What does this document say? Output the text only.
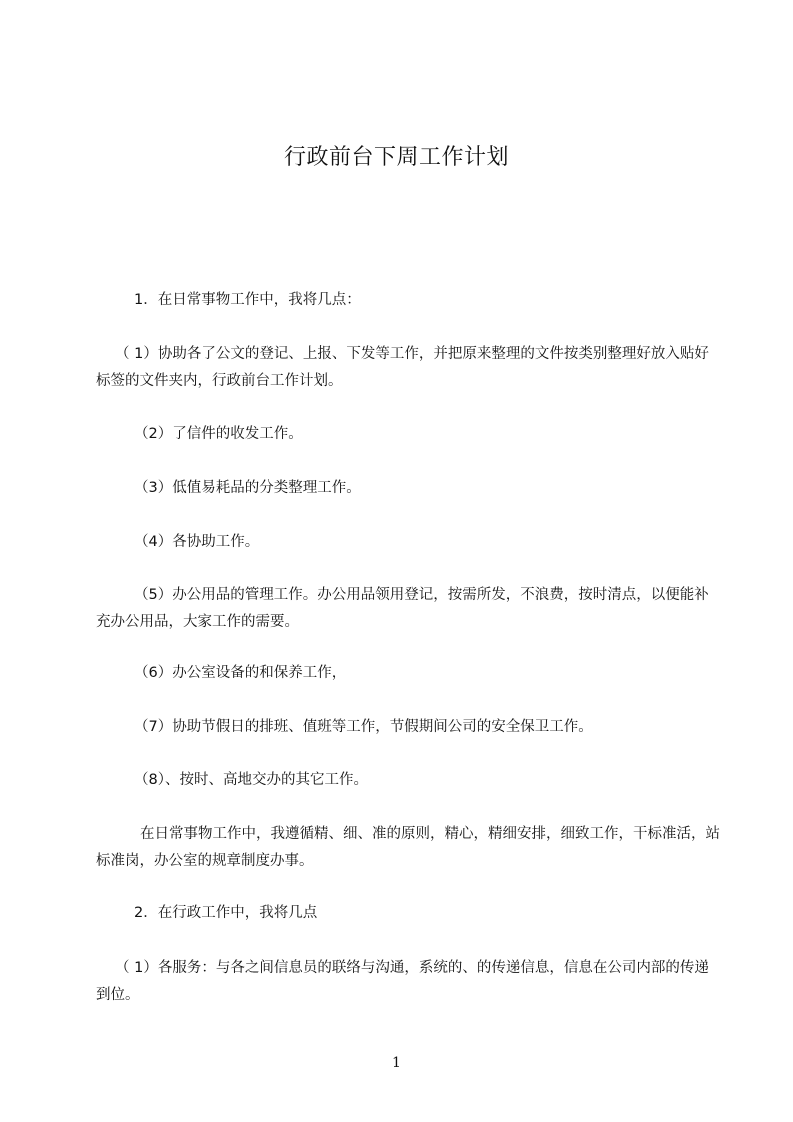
行政前台下周工作计划

1．在日常事物工作中，我将几点：

（ 1）协助各了公文的登记、上报、下发等工作，并把原来整理的文件按类别整理好放入贴好标签的文件夹内，行政前台工作计划。

（2）了信件的收发工作。

（3）低值易耗品的分类整理工作。

（4）各协助工作。

（5）办公用品的管理工作。办公用品领用登记，按需所发，不浪费，按时清点，以便能补充办公用品，大家工作的需要。

（6）办公室设备的和保养工作，

（7）协助节假日的排班、值班等工作，节假期间公司的安全保卫工作。

（8）、按时、高地交办的其它工作。

在日常事物工作中，我遵循精、细、准的原则，精心，精细安排，细致工作，干标准活，站标准岗，办公室的规章制度办事。

2．在行政工作中，我将几点

（ 1）各服务：与各之间信息员的联络与沟通，系统的、的传递信息，信息在公司内部的传递到位。

1
